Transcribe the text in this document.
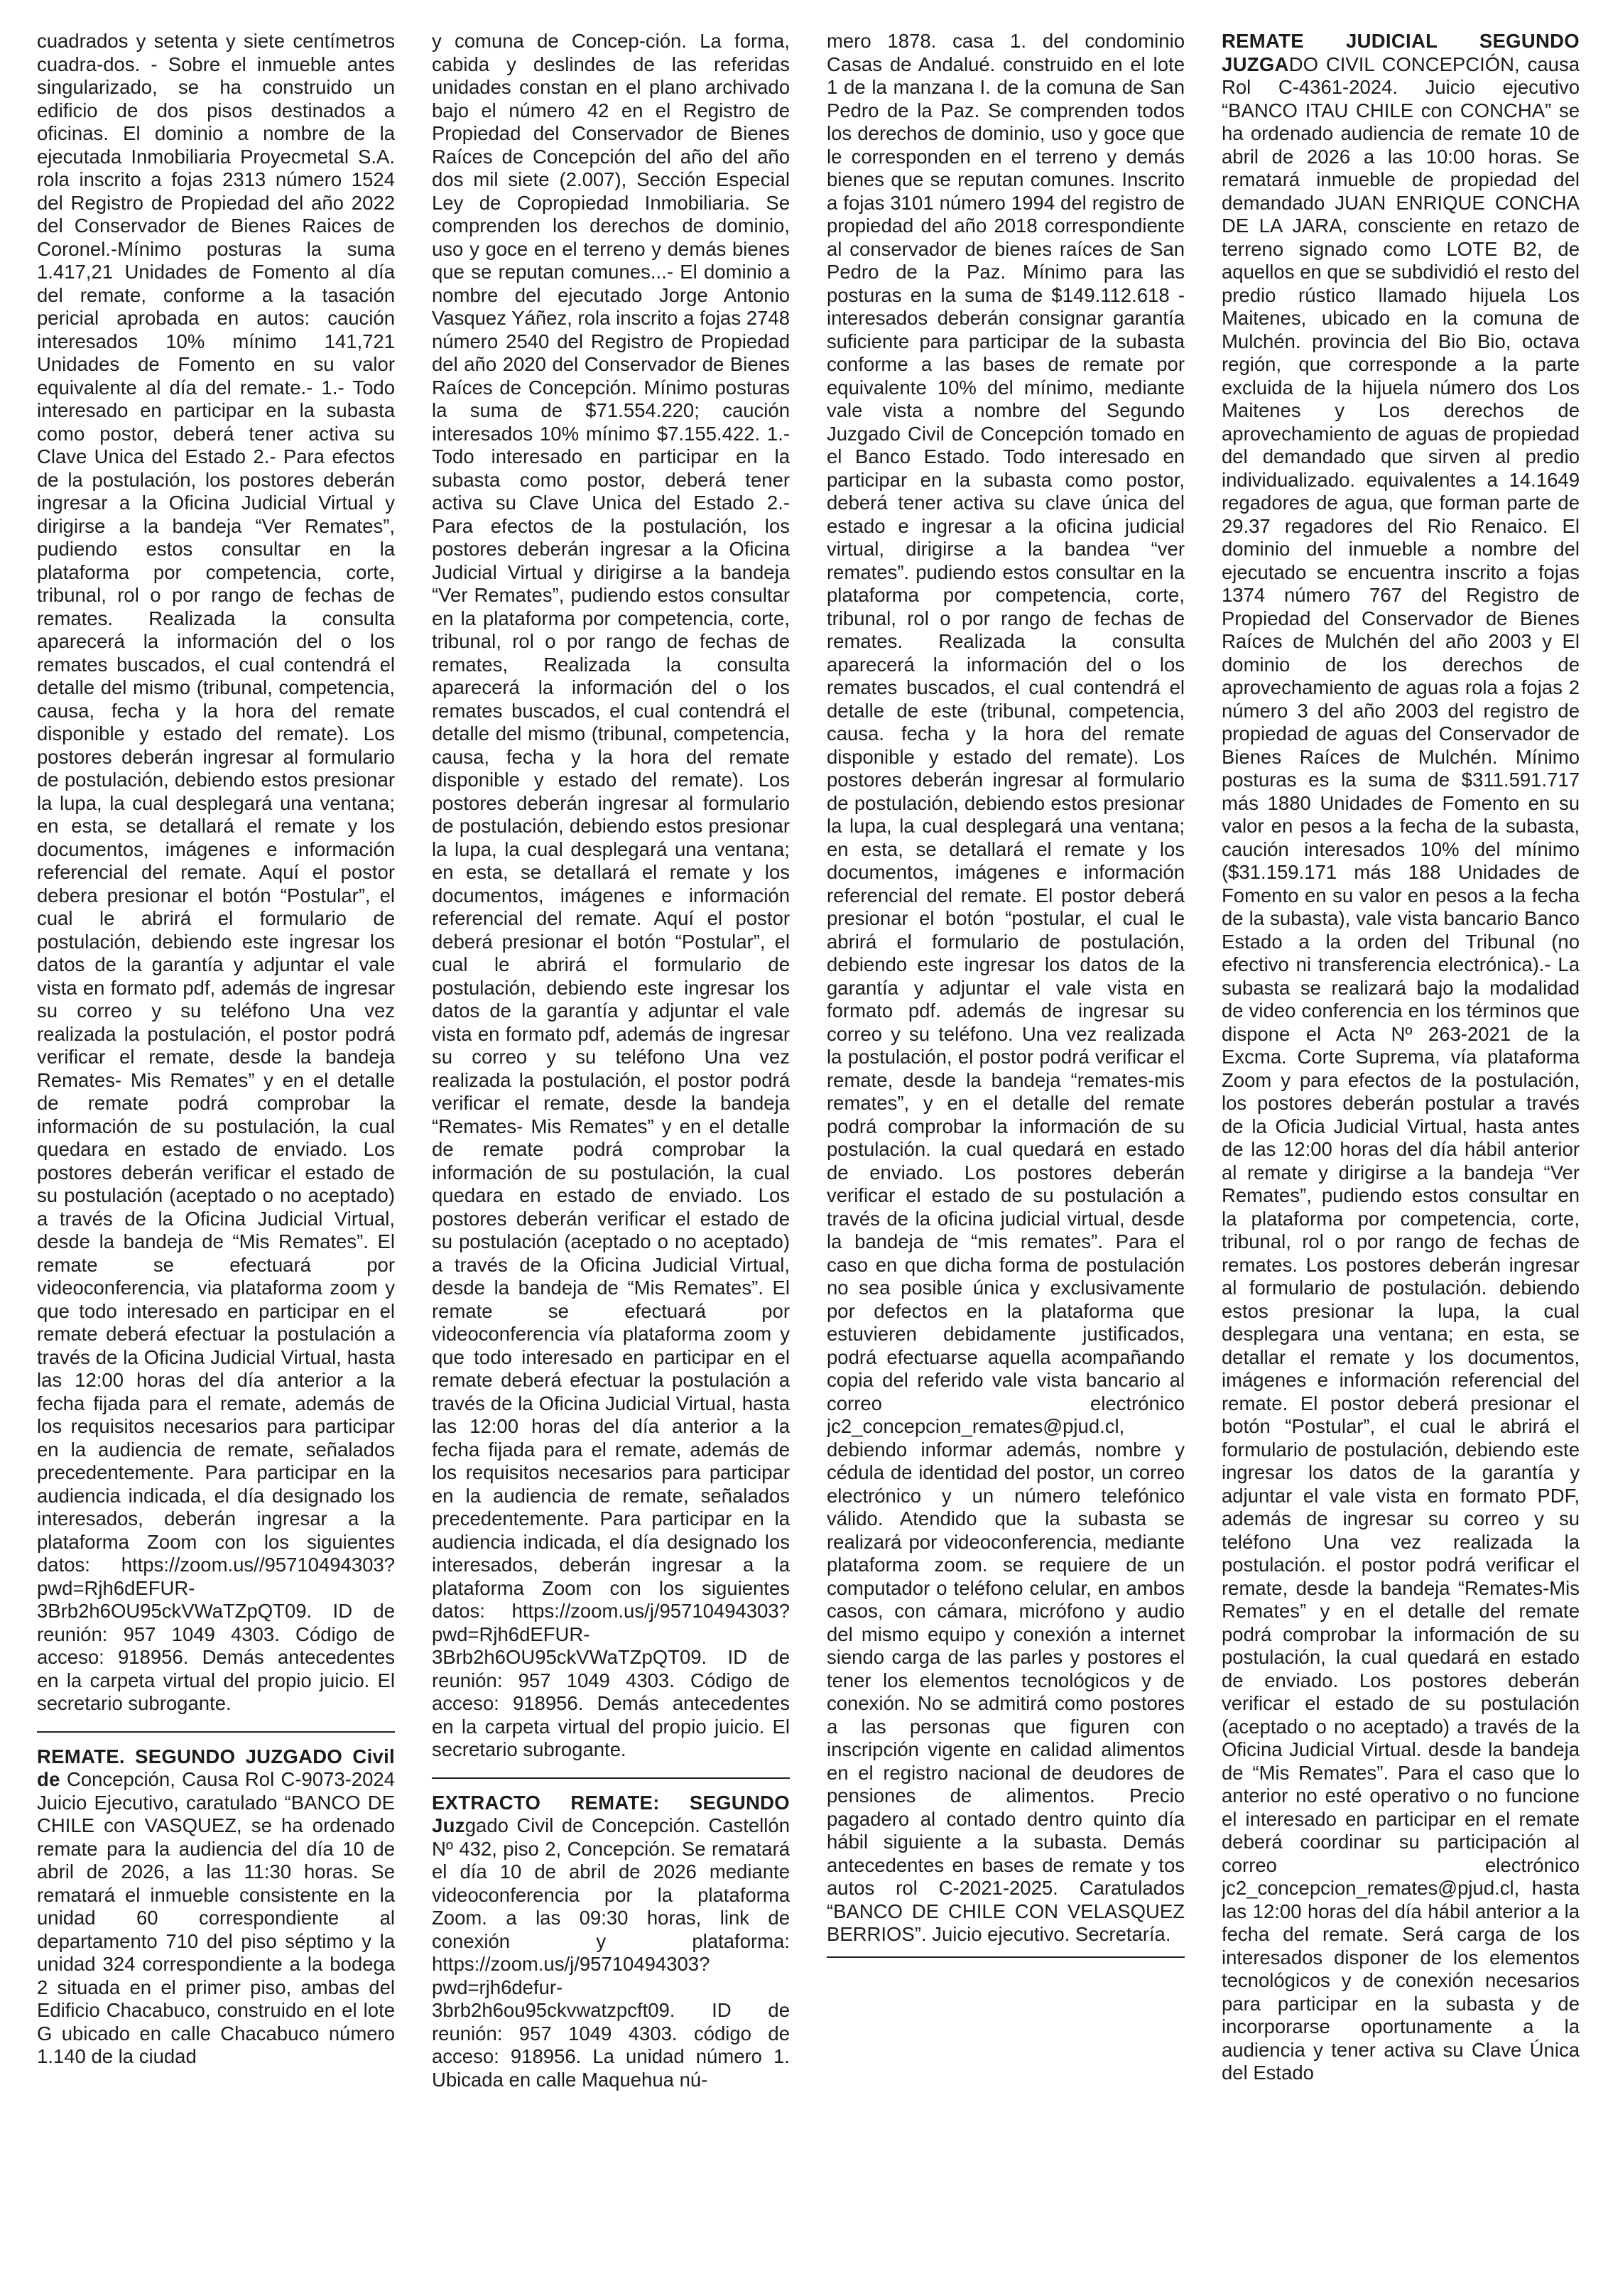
cuadrados y setenta y siete centímetros cuadra-dos. - Sobre el inmueble antes singularizado, se ha construido un edificio de dos pisos destinados a oficinas. El dominio a nombre de la ejecutada Inmobiliaria Proyecmetal S.A. rola inscrito a fojas 2313 número 1524 del Registro de Propiedad del año 2022 del Conservador de Bienes Raices de Coronel.-Mínimo posturas la suma 1.417,21 Unidades de Fomento al día del remate, conforme a la tasación pericial aprobada en autos: caución interesados 10% mínimo 141,721 Unidades de Fomento en su valor equivalente al día del remate.- 1.- Todo interesado en participar en la subasta como postor, deberá tener activa su Clave Unica del Estado 2.- Para efectos de la postulación, los postores deberán ingresar a la Oficina Judicial Virtual y dirigirse a la bandeja “Ver Remates”, pudiendo estos consultar en la plataforma por competencia, corte, tribunal, rol o por rango de fechas de remates. Realizada la consulta aparecerá la información del o los remates buscados, el cual contendrá el detalle del mismo (tribunal, competencia, causa, fecha y la hora del remate disponible y estado del remate). Los postores deberán ingresar al formulario de postulación, debiendo estos presionar la lupa, la cual desplegará una ventana; en esta, se detallará el remate y los documentos, imágenes e información referencial del remate. Aquí el postor debera presionar el botón “Postular”, el cual le abrirá el formulario de postulación, debiendo este ingresar los datos de la garantía y adjuntar el vale vista en formato pdf, además de ingresar su correo y su teléfono Una vez realizada la postulación, el postor podrá verificar el remate, desde la bandeja Remates- Mis Remates” y en el detalle de remate podrá comprobar la información de su postulación, la cual quedara en estado de enviado. Los postores deberán verificar el estado de su postulación (aceptado o no aceptado) a través de la Oficina Judicial Virtual, desde la bandeja de “Mis Remates”. El remate se efectuará por videoconferencia, via plataforma zoom y que todo interesado en participar en el remate deberá efectuar la postulación a través de la Oficina Judicial Virtual, hasta las 12:00 horas del día anterior a la fecha fijada para el remate, además de los requisitos necesarios para participar en la audiencia de remate, señalados precedentemente. Para participar en la audiencia indicada, el día designado los interesados, deberán ingresar a la plataforma Zoom con los siguientes datos: https://zoom.us//95710494303?pwd=Rjh6dEFUR-3Brb2h6OU95ckVWaTZpQT09. ID de reunión: 957 1049 4303. Código de acceso: 918956. Demás antecedentes en la carpeta virtual del propio juicio. El secretario subrogante.

REMATE. SEGUNDO JUZGADO Civil de Concepción, Causa Rol C-9073-2024 Juicio Ejecutivo, caratulado “BANCO DE CHILE con VASQUEZ, se ha ordenado remate para la audiencia del día 10 de abril de 2026, a las 11:30 horas. Se rematará el inmueble consistente en la unidad 60 correspondiente al departamento 710 del piso séptimo y la unidad 324 correspondiente a la bodega 2 situada en el primer piso, ambas del Edificio Chacabuco, construido en el lote G ubicado en calle Chacabuco número 1.140 de la ciudad

y comuna de Concep-ción. La forma, cabida y deslindes de las referidas unidades constan en el plano archivado bajo el número 42 en el Registro de Propiedad del Conservador de Bienes Raíces de Concepción del año del año dos mil siete (2.007), Sección Especial Ley de Copropiedad Inmobiliaria. Se comprenden los derechos de dominio, uso y goce en el terreno y demás bienes que se reputan comunes...- El dominio a nombre del ejecutado Jorge Antonio Vasquez Yáñez, rola inscrito a fojas 2748 número 2540 del Registro de Propiedad del año 2020 del Conservador de Bienes Raíces de Concepción. Mínimo posturas la suma de $71.554.220; caución interesados 10% mínimo $7.155.422. 1.- Todo interesado en participar en la subasta como postor, deberá tener activa su Clave Unica del Estado 2.- Para efectos de la postulación, los postores deberán ingresar a la Oficina Judicial Virtual y dirigirse a la bandeja “Ver Remates”, pudiendo estos consultar en la plataforma por competencia, corte, tribunal, rol o por rango de fechas de remates, Realizada la consulta aparecerá la información del o los remates buscados, el cual contendrá el detalle del mismo (tribunal, competencia, causa, fecha y la hora del remate disponible y estado del remate). Los postores deberán ingresar al formulario de postulación, debiendo estos presionar la lupa, la cual desplegará una ventana; en esta, se detaIlará el remate y los documentos, imágenes e información referencial del remate. Aquí el postor deberá presionar el botón “Postular”, el cual le abrirá el formulario de postulación, debiendo este ingresar los datos de la garantía y adjuntar el vale vista en formato pdf, además de ingresar su correo y su teléfono Una vez realizada la postulación, el postor podrá verificar el remate, desde la bandeja “Remates- Mis Remates” y en el detalle de remate podrá comprobar la información de su postulación, la cual quedara en estado de enviado. Los postores deberán verificar el estado de su postulación (aceptado o no aceptado) a través de la Oficina Judicial Virtual, desde la bandeja de “Mis Remates”. El remate se efectuará por videoconferencia vía plataforma zoom y que todo interesado en participar en el remate deberá efectuar la postulación a través de la Oficina Judicial Virtual, hasta las 12:00 horas del día anterior a la fecha fijada para el remate, además de los requisitos necesarios para participar en la audiencia de remate, señalados precedentemente. Para participar en la audiencia indicada, el día designado los interesados, deberán ingresar a la plataforma Zoom con los siguientes datos: https://zoom.us/j/95710494303?pwd=Rjh6dEFUR-3Brb2h6OU95ckVWaTZpQT09. ID de reunión: 957 1049 4303. Código de acceso: 918956. Demás antecedentes en la carpeta virtual del propio juicio. El secretario subrogante.

EXTRACTO REMATE: SEGUNDO Juzgado Civil de Concepción. Castellón Nº 432, piso 2, Concepción. Se rematará el día 10 de abril de 2026 mediante videoconferencia por la plataforma Zoom. a las 09:30 horas, link de conexión y plataforma: https://zoom.us/j/95710494303?pwd=rjh6defur-3brb2h6ou95ckvwatzpcft09. ID de reunión: 957 1049 4303. código de acceso: 918956. La unidad número 1. Ubicada en calle Maquehua nú-

mero 1878. casa 1. del condominio Casas de Andalué. construido en el lote 1 de la manzana I. de la comuna de San Pedro de la Paz. Se comprenden todos los derechos de dominio, uso y goce que le corresponden en el terreno y demás bienes que se reputan comunes. Inscrito a fojas 3101 número 1994 del registro de propiedad del año 2018 correspondiente al conservador de bienes raíces de San Pedro de la Paz. Mínimo para las posturas en la suma de $149.112.618 -interesados deberán consignar garantía suficiente para participar de la subasta conforme a las bases de remate por equivalente 10% del mínimo, mediante vale vista a nombre del Segundo Juzgado Civil de Concepción tomado en el Banco Estado. Todo interesado en participar en la subasta como postor, deberá tener activa su clave única del estado e ingresar a la oficina judicial virtual, dirigirse a la bandea “ver remates”. pudiendo estos consultar en la plataforma por competencia, corte, tribunal, rol o por rango de fechas de remates. Realizada la consulta aparecerá la información del o los remates buscados, el cual contendrá el detalle de este (tribunal, competencia, causa. fecha y la hora del remate disponible y estado del remate). Los postores deberán ingresar al formulario de postulación, debiendo estos presionar la lupa, la cual desplegará una ventana; en esta, se detallará el remate y los documentos, imágenes e información referencial del remate. El postor deberá presionar el botón “postular, el cual le abrirá el formulario de postulación, debiendo este ingresar los datos de la garantía y adjuntar el vale vista en formato pdf. además de ingresar su correo y su teléfono. Una vez realizada la postulación, el postor podrá verificar el remate, desde la bandeja “remates-mis remates”, y en el detalle del remate podrá comprobar la información de su postulación. la cual quedará en estado de enviado. Los postores deberán verificar el estado de su postulación a través de la oficina judicial virtual, desde la bandeja de “mis remates”. Para el caso en que dicha forma de postulación no sea posible única y exclusivamente por defectos en la plataforma que estuvieren debidamente justificados, podrá efectuarse aquella acompañando copia del referido vale vista bancario al correo electrónico jc2_concepcion_remates@pjud.cl, debiendo informar además, nombre y cédula de identidad del postor, un correo electrónico y un número telefónico válido. Atendido que la subasta se realizará por videoconferencia, mediante plataforma zoom. se requiere de un computador o teléfono celular, en ambos casos, con cámara, micrófono y audio del mismo equipo y conexión a internet siendo carga de las parles y postores el tener los elementos tecnológicos y de conexión. No se admitirá como postores a las personas que figuren con inscripción vigente en calidad alimentos en el registro nacional de deudores de pensiones de alimentos. Precio pagadero al contado dentro quinto día hábil siguiente a la subasta. Demás antecedentes en bases de remate y tos autos rol C-2021-2025. Caratulados “BANCO DE CHILE CON VELASQUEZ BERRIOS”. Juicio ejecutivo. Secretaría.

REMATE JUDICIAL SEGUNDO JUZGADO CIVIL CONCEPCIÓN, causa Rol C-4361-2024. Juicio ejecutivo “BANCO ITAU CHILE con CONCHA” se ha ordenado audiencia de remate 10 de abril de 2026 a las 10:00 horas. Se rematará inmueble de propiedad del demandado JUAN ENRIQUE CONCHA DE LA JARA, consciente en retazo de terreno signado como LOTE B2, de aquellos en que se subdividió el resto del predio rústico llamado hijuela Los Maitenes, ubicado en la comuna de Mulchén. provincia del Bio Bio, octava región, que corresponde a la parte excluida de la hijuela número dos Los Maitenes y Los derechos de aprovechamiento de aguas de propiedad del demandado que sirven al predio individualizado. equivalentes a 14.1649 regadores de agua, que forman parte de 29.37 regadores del Rio Renaico. El dominio del inmueble a nombre del ejecutado se encuentra inscrito a fojas 1374 número 767 del Registro de Propiedad del Conservador de Bienes Raíces de Mulchén del año 2003 y El dominio de los derechos de aprovechamiento de aguas rola a fojas 2 número 3 del año 2003 del registro de propiedad de aguas del Conservador de Bienes Raíces de Mulchén. Mínimo posturas es la suma de $311.591.717 más 1880 Unidades de Fomento en su valor en pesos a la fecha de la subasta, caución interesados 10% del mínimo ($31.159.171 más 188 Unidades de Fomento en su valor en pesos a la fecha de la subasta), vale vista bancario Banco Estado a la orden del Tribunal (no efectivo ni transferencia electrónica).- La subasta se realizará bajo la modalidad de video conferencia en los términos que dispone el Acta Nº 263-2021 de la Excma. Corte Suprema, vía plataforma Zoom y para efectos de la postulación, los postores deberán postular a través de la Oficia Judicial Virtual, hasta antes de las 12:00 horas del día hábil anterior al remate y dirigirse a la bandeja “Ver Remates”, pudiendo estos consultar en la plataforma por competencia, corte, tribunal, rol o por rango de fechas de remates. Los postores deberán ingresar al formulario de postulación. debiendo estos presionar la lupa, la cual desplegara una ventana; en esta, se detallar el remate y los documentos, imágenes e información referencial del remate. El postor deberá presionar el botón “Postular”, el cual le abrirá el formulario de postulación, debiendo este ingresar los datos de la garantía y adjuntar el vale vista en formato PDF, además de ingresar su correo y su teléfono Una vez realizada la postulación. el postor podrá verificar el remate, desde la bandeja “Remates-Mis Remates” y en el detalle del remate podrá comprobar la información de su postulación, la cual quedará en estado de enviado. Los postores deberán verificar el estado de su postulación (aceptado o no aceptado) a través de la Oficina Judicial Virtual. desde la bandeja de “Mis Remates”. Para el caso que lo anterior no esté operativo o no funcione el interesado en participar en el remate deberá coordinar su participación al correo electrónico jc2_concepcion_remates@pjud.cl, hasta las 12:00 horas del día hábil anterior a la fecha del remate. Será carga de los interesados disponer de los elementos tecnológicos y de conexión necesarios para participar en la subasta y de incorporarse oportunamente a la audiencia y tener activa su Clave Única del Estado
